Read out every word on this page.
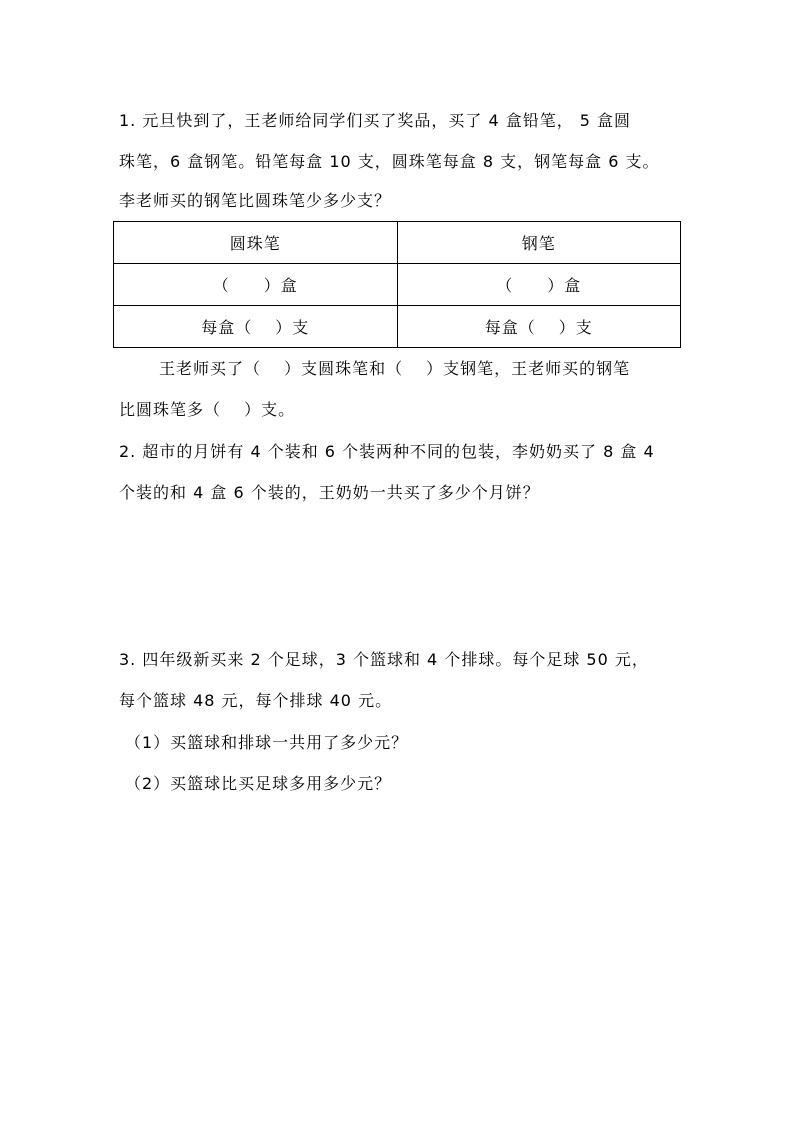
1. 元旦快到了，王老师给同学们买了奖品，买了 4 盒铅笔， 5 盒圆
珠笔，6 盒钢笔。铅笔每盒 10 支，圆珠笔每盒 8 支，钢笔每盒 6 支。
李老师买的钢笔比圆珠笔少多少支？
圆珠笔	钢笔
（　　）盒	（　　）盒
每盒（　 ）支	每盒（　 ）支
王老师买了（　 ）支圆珠笔和（　 ）支钢笔，王老师买的钢笔
比圆珠笔多（　 ）支。
2. 超市的月饼有 4 个装和 6 个装两种不同的包装，李奶奶买了 8 盒 4
个装的和 4 盒 6 个装的，王奶奶一共买了多少个月饼？
3. 四年级新买来 2 个足球，3 个篮球和 4 个排球。每个足球 50 元，
每个篮球 48 元，每个排球 40 元。
（1）买篮球和排球一共用了多少元？
（2）买篮球比买足球多用多少元？
